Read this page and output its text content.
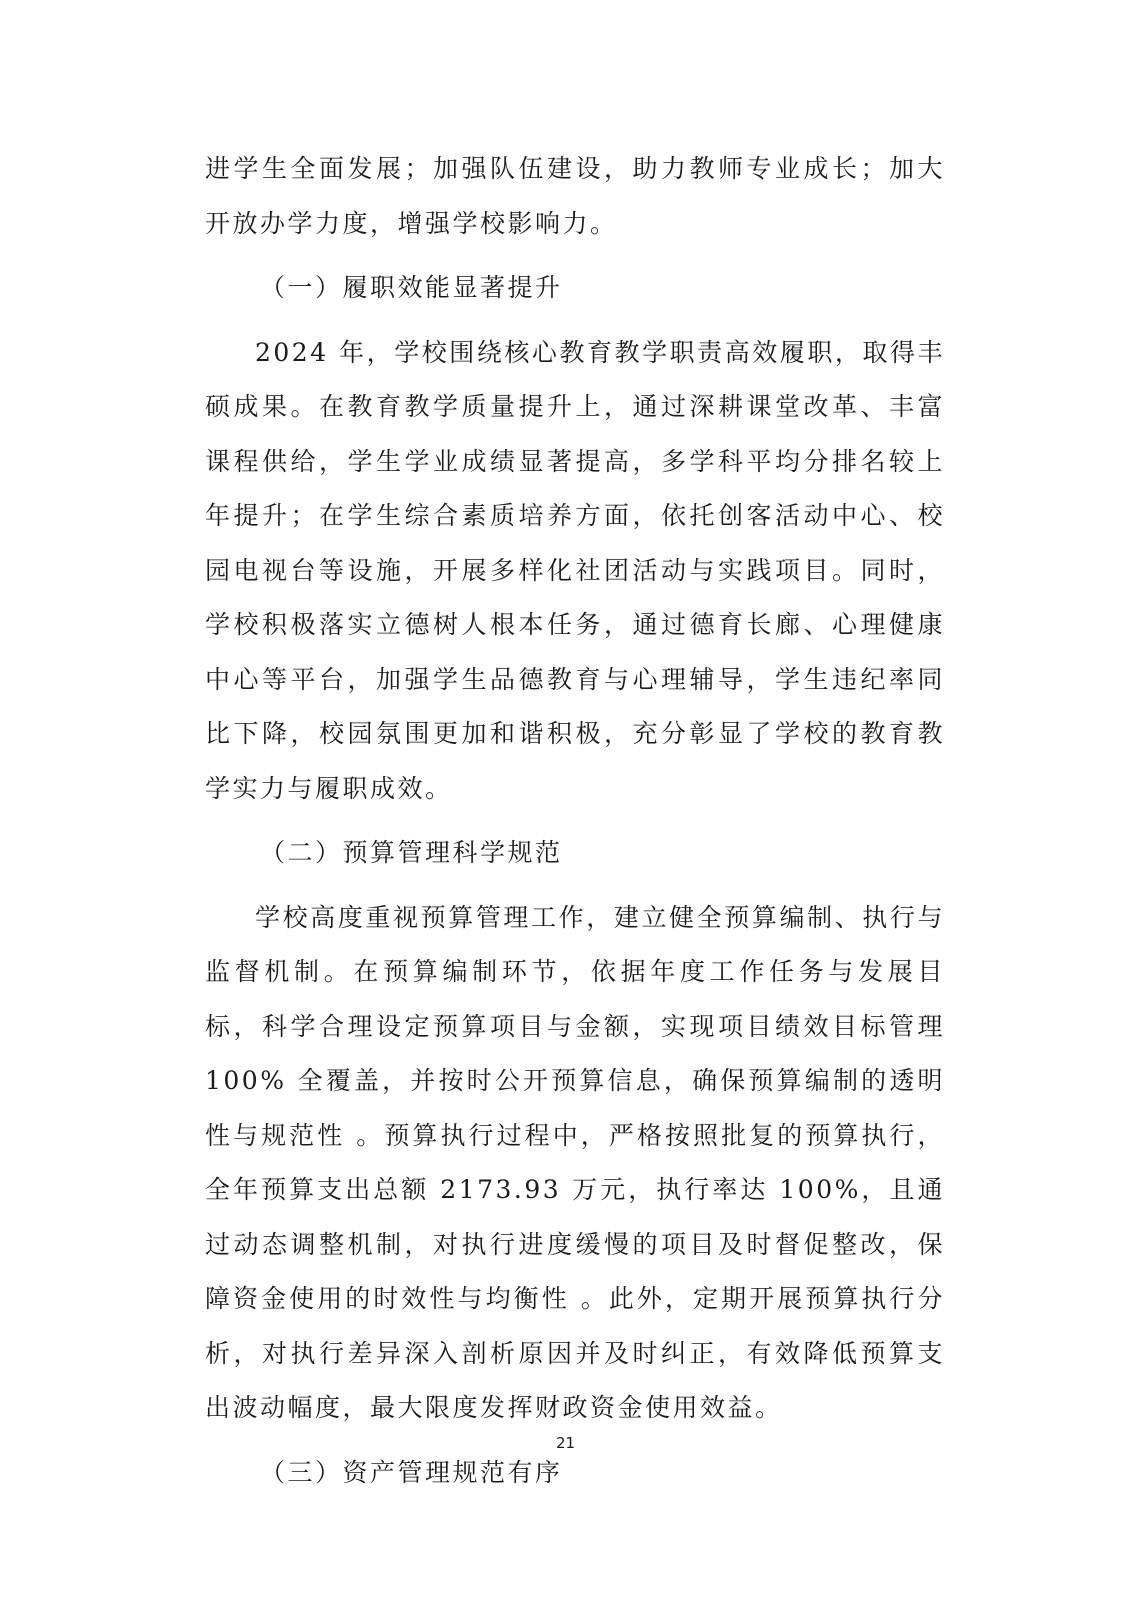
进学生全面发展；加强队伍建设，助力教师专业成长；加大开放办学力度，增强学校影响力。

（一）履职效能显著提升

2024 年，学校围绕核心教育教学职责高效履职，取得丰硕成果。在教育教学质量提升上，通过深耕课堂改革、丰富课程供给，学生学业成绩显著提高，多学科平均分排名较上年提升；在学生综合素质培养方面，依托创客活动中心、校园电视台等设施，开展多样化社团活动与实践项目。同时，学校积极落实立德树人根本任务，通过德育长廊、心理健康中心等平台，加强学生品德教育与心理辅导，学生违纪率同比下降，校园氛围更加和谐积极，充分彰显了学校的教育教学实力与履职成效。

（二）预算管理科学规范

学校高度重视预算管理工作，建立健全预算编制、执行与监督机制。在预算编制环节，依据年度工作任务与发展目标，科学合理设定预算项目与金额，实现项目绩效目标管理 100% 全覆盖，并按时公开预算信息，确保预算编制的透明性与规范性 。预算执行过程中，严格按照批复的预算执行，全年预算支出总额 2173.93 万元，执行率达 100%，且通过动态调整机制，对执行进度缓慢的项目及时督促整改，保障资金使用的时效性与均衡性 。此外，定期开展预算执行分析，对执行差异深入剖析原因并及时纠正，有效降低预算支出波动幅度，最大限度发挥财政资金使用效益。

（三）资产管理规范有序
21
